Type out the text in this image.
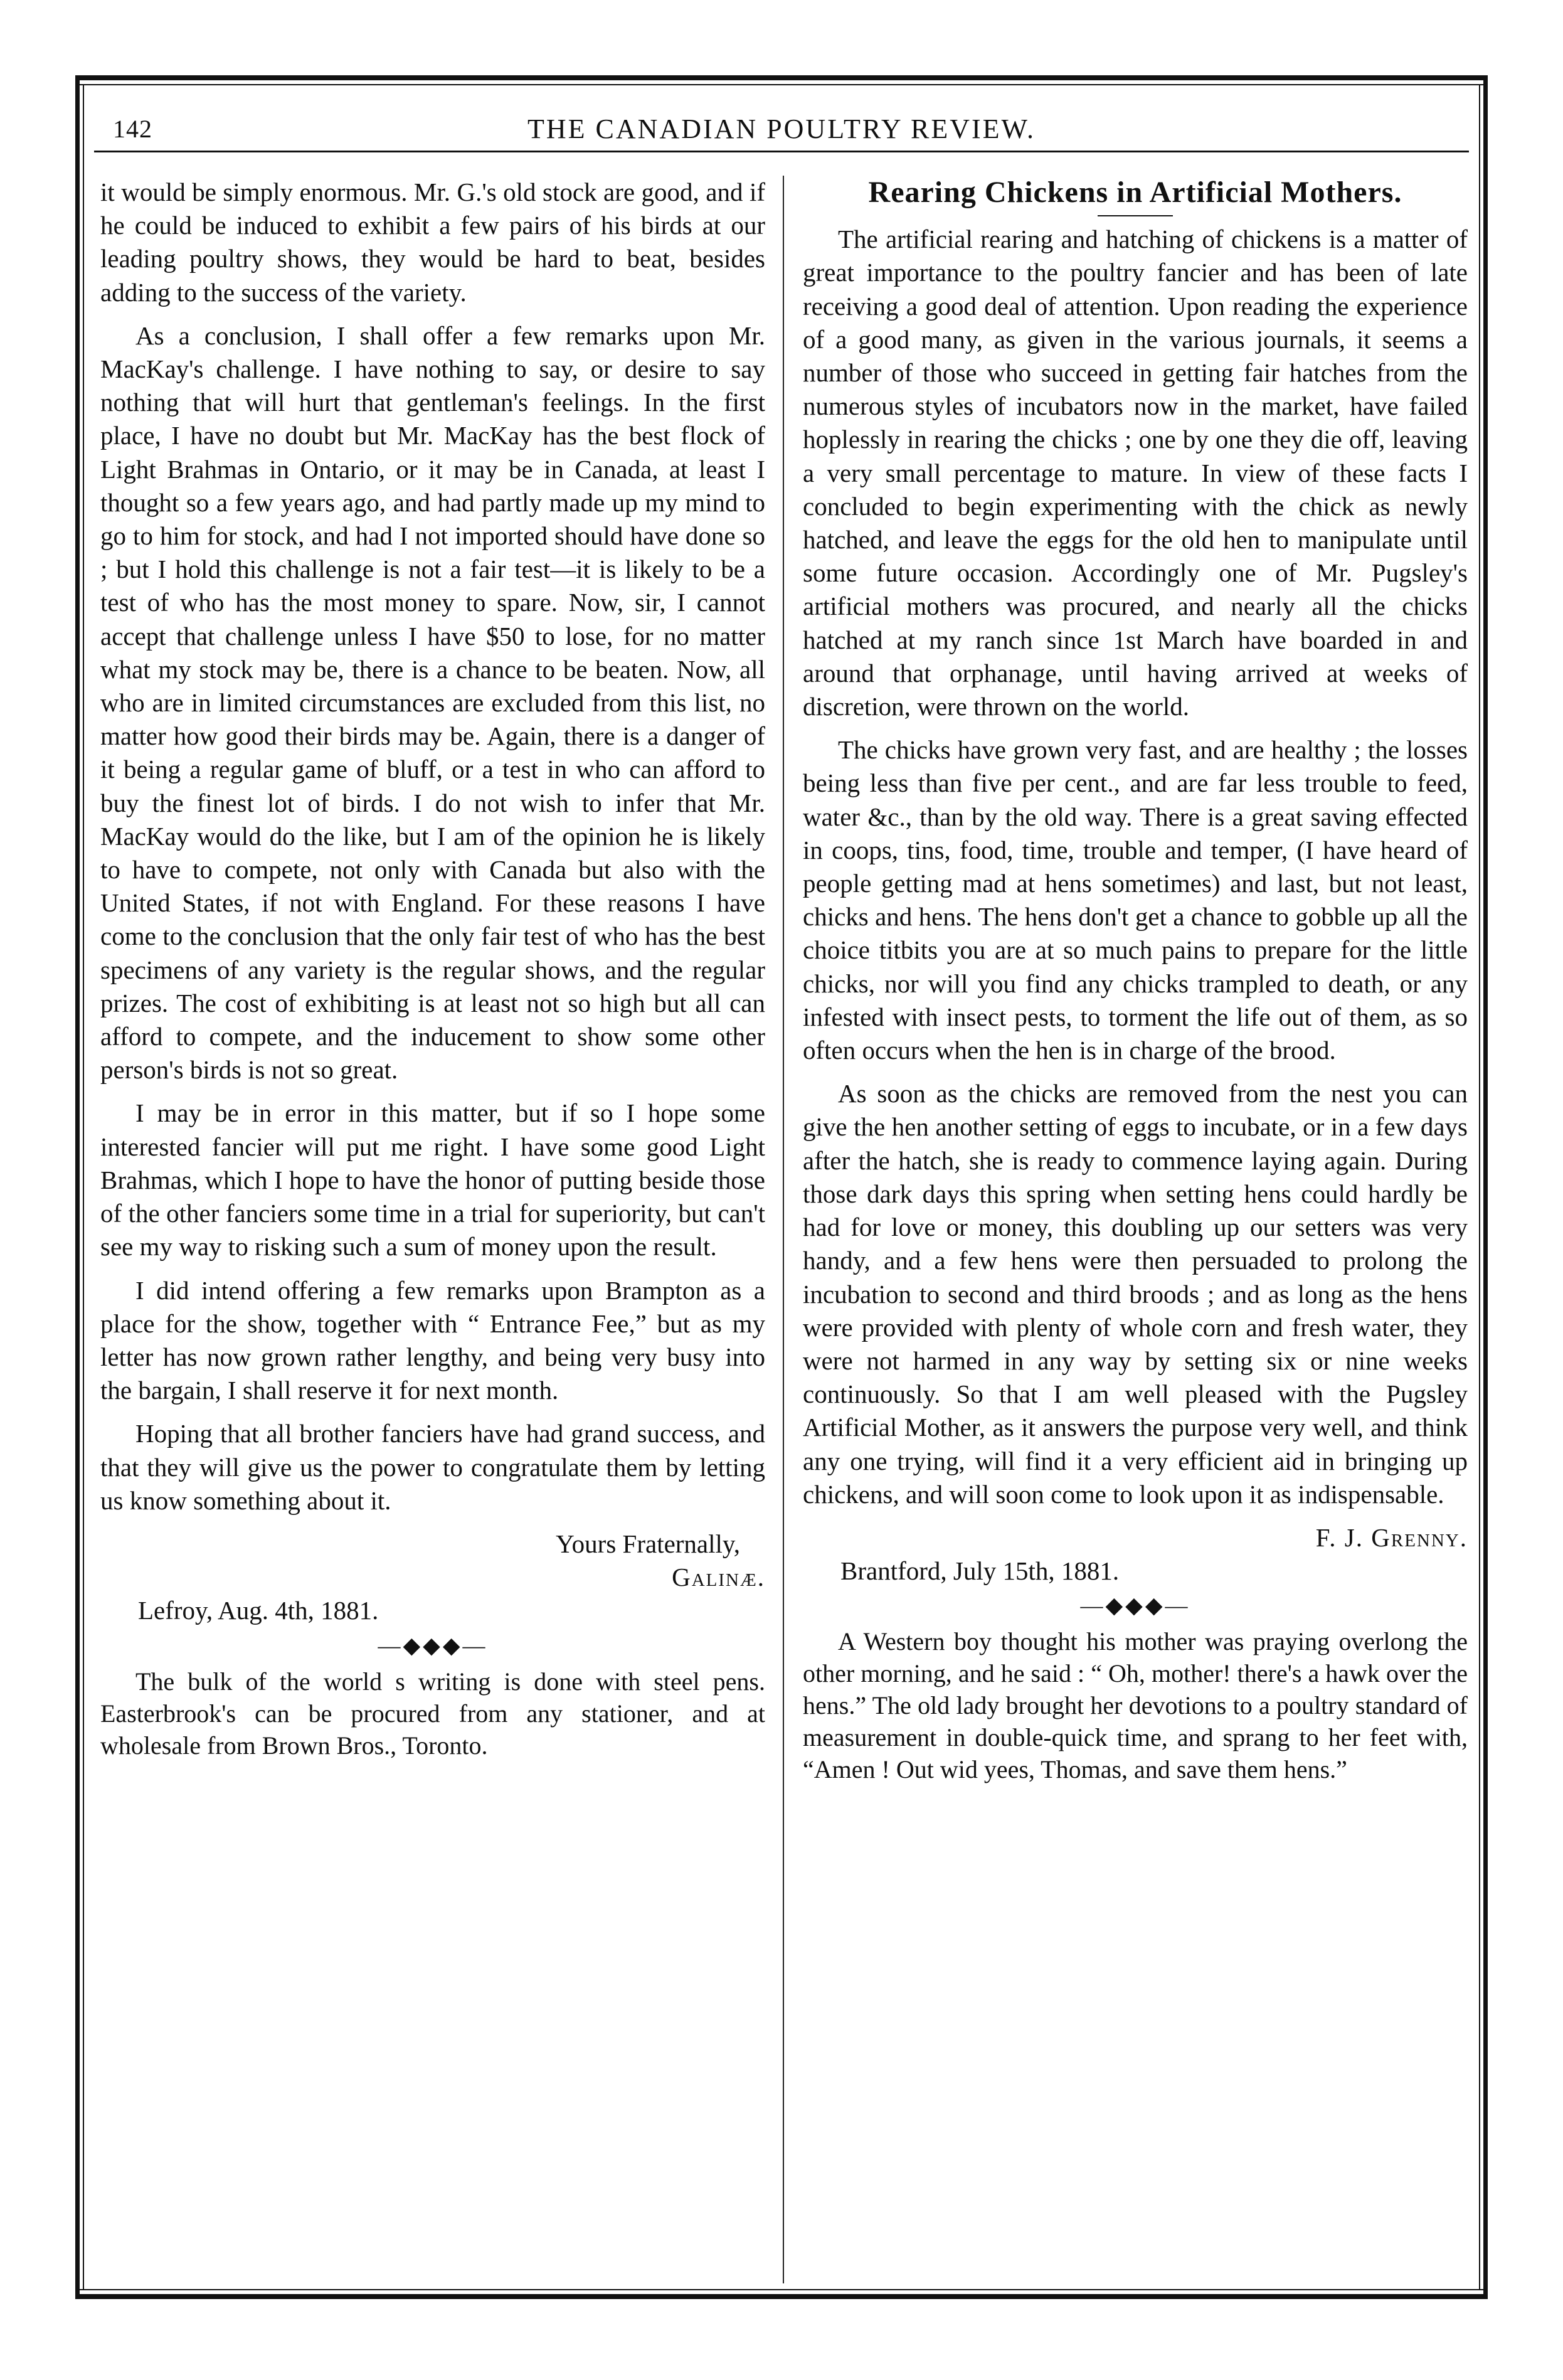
142	THE CANADIAN POULTRY REVIEW.

it would be simply enormous. Mr. G.'s old stock are good, and if he could be induced to exhibit a few pairs of his birds at our leading poultry shows, they would be hard to beat, besides adding to the success of the variety.

As a conclusion, I shall offer a few remarks upon Mr. MacKay's challenge. I have nothing to say, or desire to say nothing that will hurt that gentleman's feelings. In the first place, I have no doubt but Mr. MacKay has the best flock of Light Brahmas in Ontario, or it may be in Canada, at least I thought so a few years ago, and had partly made up my mind to go to him for stock, and had I not imported should have done so ; but I hold this challenge is not a fair test—it is likely to be a test of who has the most money to spare. Now, sir, I cannot accept that challenge unless I have $50 to lose, for no matter what my stock may be, there is a chance to be beaten. Now, all who are in limited circumstances are excluded from this list, no matter how good their birds may be. Again, there is a danger of it being a regular game of bluff, or a test in who can afford to buy the finest lot of birds. I do not wish to infer that Mr. MacKay would do the like, but I am of the opinion he is likely to have to compete, not only with Canada but also with the United States, if not with England. For these reasons I have come to the conclusion that the only fair test of who has the best specimens of any variety is the regular shows, and the regular prizes. The cost of exhibiting is at least not so high but all can afford to compete, and the inducement to show some other person's birds is not so great.

I may be in error in this matter, but if so I hope some interested fancier will put me right. I have some good Light Brahmas, which I hope to have the honor of putting beside those of the other fanciers some time in a trial for superiority, but can't see my way to risking such a sum of money upon the result.

I did intend offering a few remarks upon Brampton as a place for the show, together with “ Entrance Fee,” but as my letter has now grown rather lengthy, and being very busy into the bargain, I shall reserve it for next month.

Hoping that all brother fanciers have had grand success, and that they will give us the power to congratulate them by letting us know something about it.

Yours Fraternally,
Galinæ.
Lefroy, Aug. 4th, 1881.
—◆◆◆—

The bulk of the world s writing is done with steel pens. Easterbrook's can be procured from any stationer, and at wholesale from Brown Bros., Toronto.

Rearing Chickens in Artificial Mothers.

The artificial rearing and hatching of chickens is a matter of great importance to the poultry fancier and has been of late receiving a good deal of attention. Upon reading the experience of a good many, as given in the various journals, it seems a number of those who succeed in getting fair hatches from the numerous styles of incubators now in the market, have failed hoplessly in rearing the chicks ; one by one they die off, leaving a very small percentage to mature. In view of these facts I concluded to begin experimenting with the chick as newly hatched, and leave the eggs for the old hen to manipulate until some future occasion. Accordingly one of Mr. Pugsley's artificial mothers was procured, and nearly all the chicks hatched at my ranch since 1st March have boarded in and around that orphanage, until having arrived at weeks of discretion, were thrown on the world.

The chicks have grown very fast, and are healthy ; the losses being less than five per cent., and are far less trouble to feed, water &c., than by the old way. There is a great saving effected in coops, tins, food, time, trouble and temper, (I have heard of people getting mad at hens sometimes) and last, but not least, chicks and hens. The hens don't get a chance to gobble up all the choice titbits you are at so much pains to prepare for the little chicks, nor will you find any chicks trampled to death, or any infested with insect pests, to torment the life out of them, as so often occurs when the hen is in charge of the brood.

As soon as the chicks are removed from the nest you can give the hen another setting of eggs to incubate, or in a few days after the hatch, she is ready to commence laying again. During those dark days this spring when setting hens could hardly be had for love or money, this doubling up our setters was very handy, and a few hens were then persuaded to prolong the incubation to second and third broods ; and as long as the hens were provided with plenty of whole corn and fresh water, they were not harmed in any way by setting six or nine weeks continuously. So that I am well pleased with the Pugsley Artificial Mother, as it answers the purpose very well, and think any one trying, will find it a very efficient aid in bringing up chickens, and will soon come to look upon it as indispensable.

F. J. Grenny.
Brantford, July 15th, 1881.
—◆◆◆—

A Western boy thought his mother was praying overlong the other morning, and he said : “ Oh, mother! there's a hawk over the hens.” The old lady brought her devotions to a poultry standard of measurement in double-quick time, and sprang to her feet with, “Amen ! Out wid yees, Thomas, and save them hens.”
